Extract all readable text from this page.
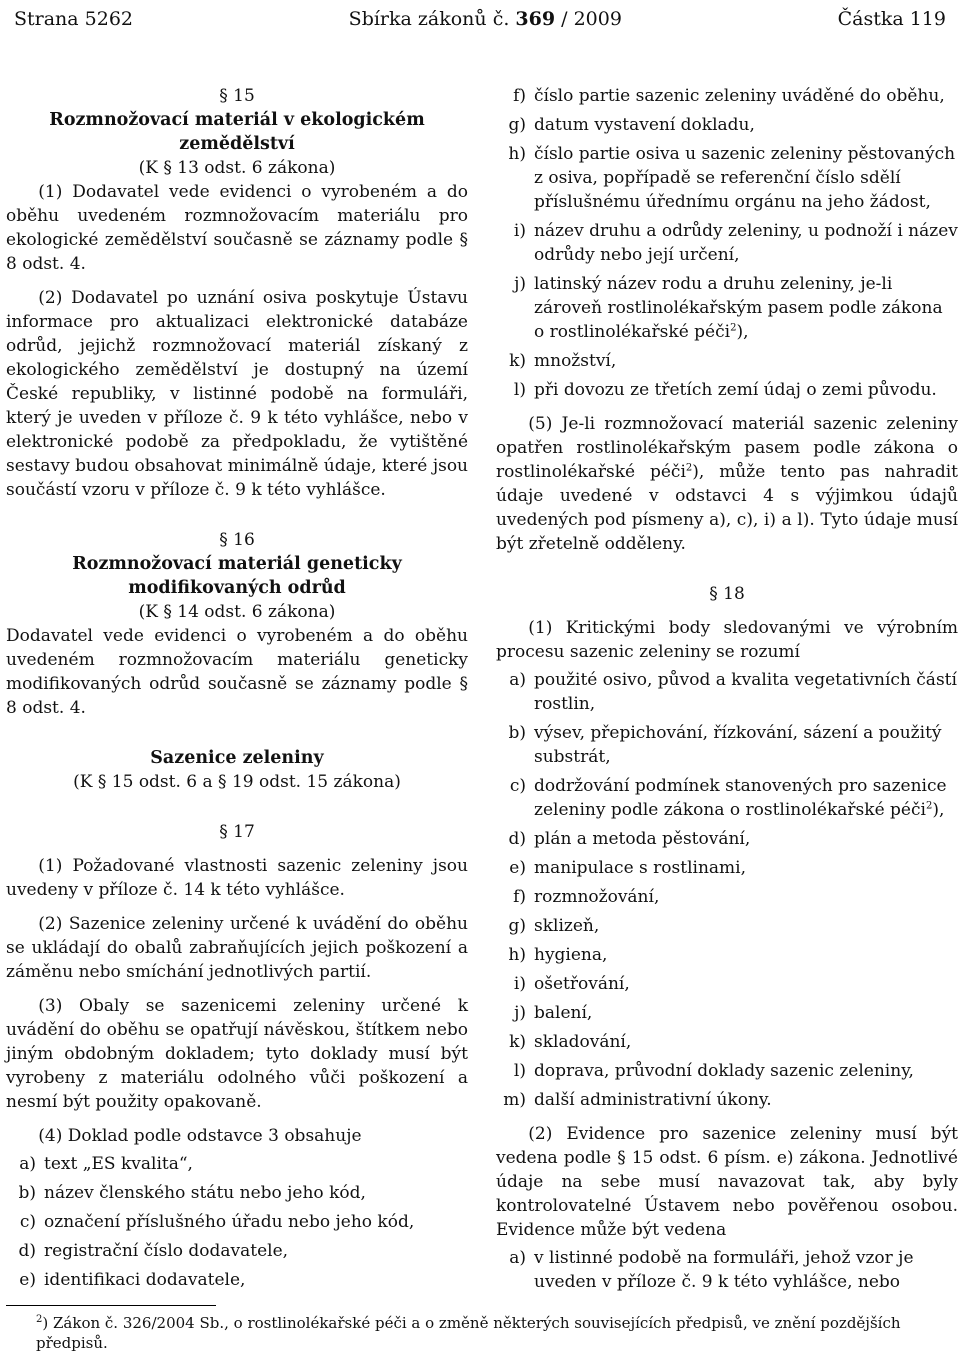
Strana 5262	Sbírka zákonů č. 369 / 2009	Částka 119
§ 15
Rozmnožovací materiál v ekologickém zemědělství
(K § 13 odst. 6 zákona)

(1) Dodavatel vede evidenci o vyrobeném a do oběhu uvedeném rozmnožovacím materiálu pro ekologické zemědělství současně se záznamy podle § 8 odst. 4.

(2) Dodavatel po uznání osiva poskytuje Ústavu informace pro aktualizaci elektronické databáze odrůd, jejichž rozmnožovací materiál získaný z ekologického zemědělství je dostupný na území České republiky, v listinné podobě na formuláři, který je uveden v příloze č. 9 k této vyhlášce, nebo v elektronické podobě za předpokladu, že vytištěné sestavy budou obsahovat minimálně údaje, které jsou součástí vzoru v příloze č. 9 k této vyhlášce.

§ 16
Rozmnožovací materiál geneticky
modifikovaných odrůd
(K § 14 odst. 6 zákona)

Dodavatel vede evidenci o vyrobeném a do oběhu uvedeném rozmnožovacím materiálu geneticky modifikovaných odrůd současně se záznamy podle § 8 odst. 4.

Sazenice zeleniny
(K § 15 odst. 6 a § 19 odst. 15 zákona)
§ 17

(1) Požadované vlastnosti sazenic zeleniny jsou uvedeny v příloze č. 14 k této vyhlášce.

(2) Sazenice zeleniny určené k uvádění do oběhu se ukládají do obalů zabraňujících jejich poškození a záměnu nebo smíchání jednotlivých partií.

(3) Obaly se sazenicemi zeleniny určené k uvádění do oběhu se opatřují návěskou, štítkem nebo jiným obdobným dokladem; tyto doklady musí být vyrobeny z materiálu odolného vůči poškození a nesmí být použity opakovaně.

(4) Doklad podle odstavce 3 obsahuje

a) text „ES kvalita“,
b) název členského státu nebo jeho kód,
c) označení příslušného úřadu nebo jeho kód,
d) registrační číslo dodavatele,
e) identifikaci dodavatele,
f) číslo partie sazenic zeleniny uváděné do oběhu,
g) datum vystavení dokladu,
h) číslo partie osiva u sazenic zeleniny pěstovaných z osiva, popřípadě se referenční číslo sdělí příslušnému úřednímu orgánu na jeho žádost,
i) název druhu a odrůdy zeleniny, u podnoží i název odrůdy nebo její určení,
j) latinský název rodu a druhu zeleniny, je-li zároveň rostlinolékařským pasem podle zákona o rostlinolékařské péči$^2$),
k) množství,
l) při dovozu ze třetích zemí údaj o zemi původu.

(5) Je-li rozmnožovací materiál sazenic zeleniny opatřen rostlinolékařským pasem podle zákona o rostlinolékařské péči$^2$), může tento pas nahradit údaje uvedené v odstavci 4 s výjimkou údajů uvedených pod písmeny a), c), i) a l). Tyto údaje musí být zřetelně odděleny.

§ 18

(1) Kritickými body sledovanými ve výrobním procesu sazenic zeleniny se rozumí

a) použité osivo, původ a kvalita vegetativních částí rostlin,
b) výsev, přepichování, řízkování, sázení a použitý substrát,
c) dodržování podmínek stanovených pro sazenice zeleniny podle zákona o rostlinolékařské péči$^2$),
d) plán a metoda pěstování,
e) manipulace s rostlinami,
f) rozmnožování,
g) sklizeň,
h) hygiena,
i) ošetřování,
j) balení,
k) skladování,
l) doprava, průvodní doklady sazenic zeleniny,
m) další administrativní úkony.

(2) Evidence pro sazenice zeleniny musí být vedena podle § 15 odst. 6 písm. e) zákona. Jednotlivé údaje na sebe musí navazovat tak, aby byly kontrolovatelné Ústavem nebo pověřenou osobou. Evidence může být vedena

a) v listinné podobě na formuláři, jehož vzor je uveden v příloze č. 9 k této vyhlášce, nebo
$^2$) Zákon č. 326/2004 Sb., o rostlinolékařské péči a o změně některých souvisejících předpisů, ve znění pozdějších předpisů.
